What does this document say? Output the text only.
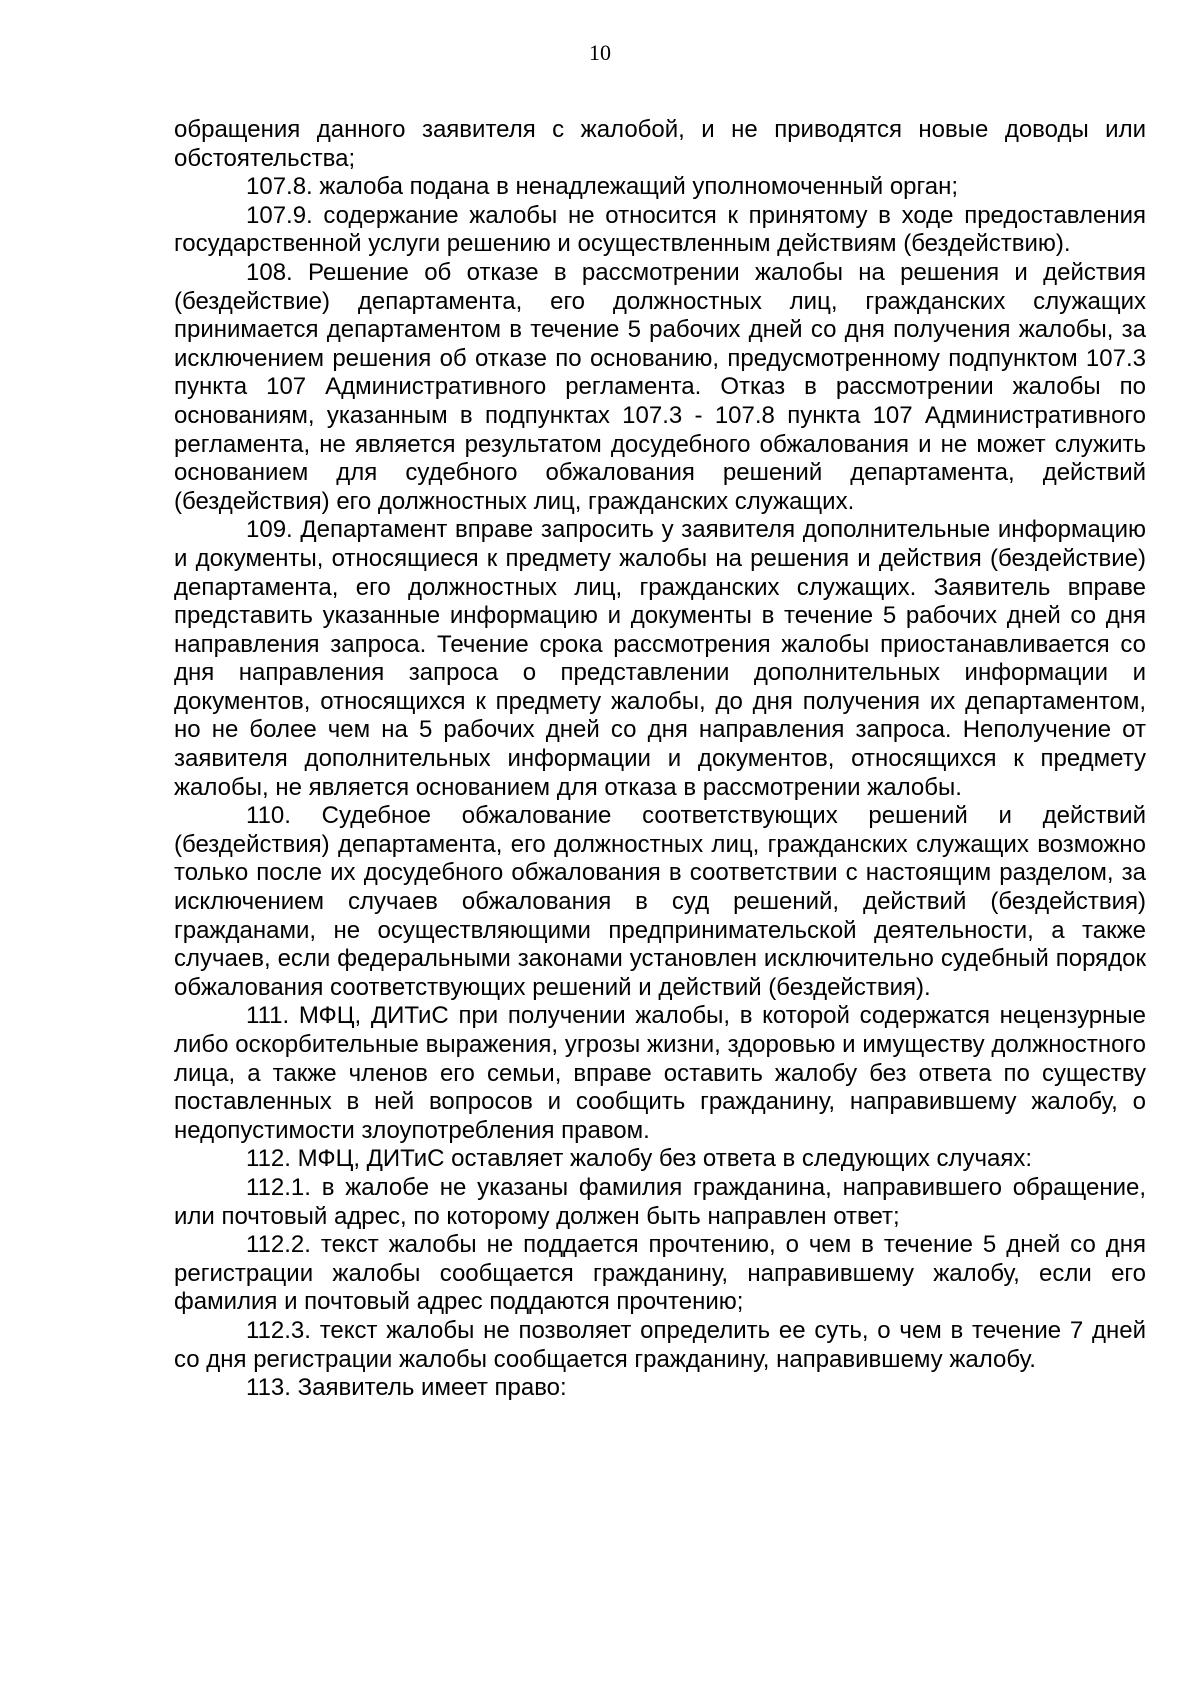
10

обращения данного заявителя с жалобой, и не приводятся новые доводы или обстоятельства;

107.8. жалоба подана в ненадлежащий уполномоченный орган;

107.9. содержание жалобы не относится к принятому в ходе предоставления государственной услуги решению и осуществленным действиям (бездействию).

108. Решение об отказе в рассмотрении жалобы на решения и действия (бездействие) департамента, его должностных лиц, гражданских служащих принимается департаментом в течение 5 рабочих дней со дня получения жалобы, за исключением решения об отказе по основанию, предусмотренному подпунктом 107.3 пункта 107 Административного регламента. Отказ в рассмотрении жалобы по основаниям, указанным в подпунктах 107.3 - 107.8 пункта 107 Административного регламента, не является результатом досудебного обжалования и не может служить основанием для судебного обжалования решений департамента, действий (бездействия) его должностных лиц, гражданских служащих.

109. Департамент вправе запросить у заявителя дополнительные информацию и документы, относящиеся к предмету жалобы на решения и действия (бездействие) департамента, его должностных лиц, гражданских служащих. Заявитель вправе представить указанные информацию и документы в течение 5 рабочих дней со дня направления запроса. Течение срока рассмотрения жалобы приостанавливается со дня направления запроса о представлении дополнительных информации и документов, относящихся к предмету жалобы, до дня получения их департаментом, но не более чем на 5 рабочих дней со дня направления запроса. Неполучение от заявителя дополнительных информации и документов, относящихся к предмету жалобы, не является основанием для отказа в рассмотрении жалобы.

110. Судебное обжалование соответствующих решений и действий (бездействия) департамента, его должностных лиц, гражданских служащих возможно только после их досудебного обжалования в соответствии с настоящим разделом, за исключением случаев обжалования в суд решений, действий (бездействия) гражданами, не осуществляющими предпринимательской деятельности, а также случаев, если федеральными законами установлен исключительно судебный порядок обжалования соответствующих решений и действий (бездействия).

111. МФЦ, ДИТиС при получении жалобы, в которой содержатся нецензурные либо оскорбительные выражения, угрозы жизни, здоровью и имуществу должностного лица, а также членов его семьи, вправе оставить жалобу без ответа по существу поставленных в ней вопросов и сообщить гражданину, направившему жалобу, о недопустимости злоупотребления правом.

112. МФЦ, ДИТиС оставляет жалобу без ответа в следующих случаях:

112.1. в жалобе не указаны фамилия гражданина, направившего обращение, или почтовый адрес, по которому должен быть направлен ответ;

112.2. текст жалобы не поддается прочтению, о чем в течение 5 дней со дня регистрации жалобы сообщается гражданину, направившему жалобу, если его фамилия и почтовый адрес поддаются прочтению;

112.3. текст жалобы не позволяет определить ее суть, о чем в течение 7 дней со дня регистрации жалобы сообщается гражданину, направившему жалобу.

113. Заявитель имеет право:
